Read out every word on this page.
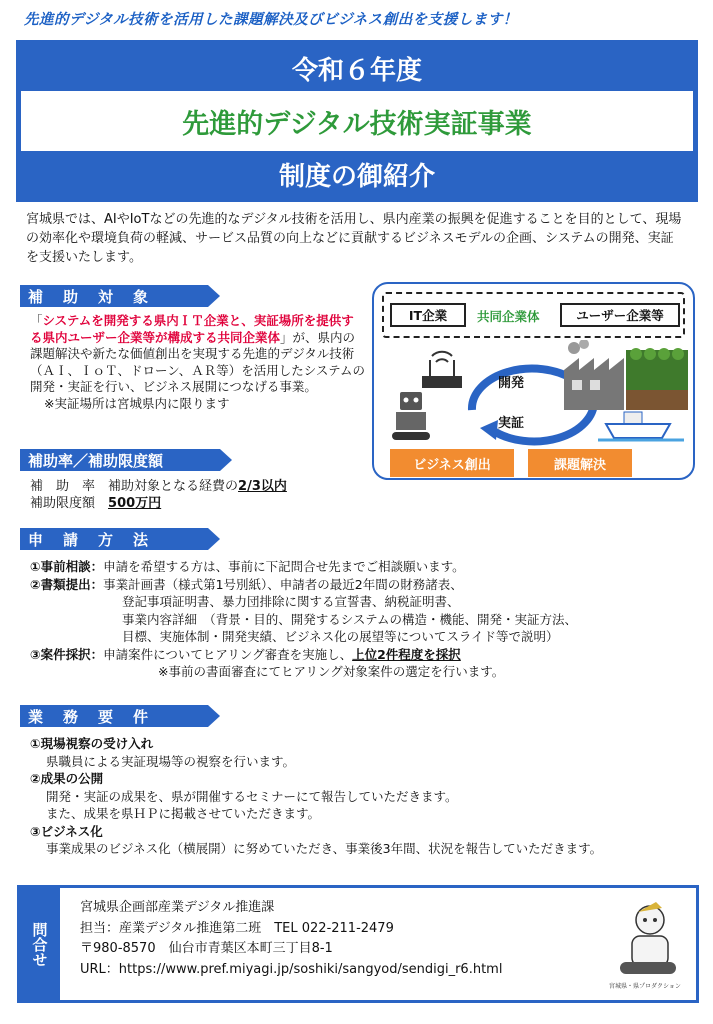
先進的デジタル技術を活用した課題解決及びビジネス創出を支援します！
令和６年度
先進的デジタル技術実証事業
制度の御紹介

宮城県では、AIやIoTなどの先進的なデジタル技術を活用し、県内産業の振興を促進することを目的として、現場の効率化や環境負荷の軽減、サービス品質の向上などに貢献するビジネスモデルの企画、システムの開発、実証を支援いたします。

補助対象
「システムを開発する県内ＩＴ企業と、実証場所を提供する県内ユーザー企業等が構成する共同企業体」が、県内の課題解決や新たな価値創出を実現する先進的デジタル技術（ＡＩ、ＩｏＴ、ドローン、ＡＲ等）を活用したシステムの開発・実証を行い、ビジネス展開につなげる事業。
※実証場所は宮城県内に限ります
IT企業	共同企業体	ユーザー企業等
開発
実証
ビジネス創出	課題解決
補助率／補助限度額
補　助　率　 補助対象となる経費の2/3以内
補助限度額　 500万円
申請方法
①事前相談： 申請を希望する方は、事前に下記問合せ先までご相談願います。
②書類提出： 事業計画書（様式第1号別紙）、申請者の最近2年間の財務諸表、
登記事項証明書、暴力団排除に関する宣誓書、納税証明書、
事業内容詳細　（背景・目的、開発するシステムの構造・機能、開発・実証方法、
目標、実施体制・開発実績、ビジネス化の展望等についてスライド等で説明）
③案件採択： 申請案件についてヒアリング審査を実施し、 上位2件程度を採択
※事前の書面審査にてヒアリング対象案件の選定を行います。
業務要件
①現場視察の受け入れ
県職員による実証現場等の視察を行います。
②成果の公開
開発・実証の成果を、県が開催するセミナーにて報告していただきます。
また、成果を県ＨＰに掲載させていただきます。
③ビジネス化
事業成果のビジネス化（横展開）に努めていただき、事業後3年間、状況を報告していただきます。
問合せ
宮城県企画部産業デジタル推進課
担当：産業デジタル推進第二班　TEL 022-211-2479
〒980-8570　仙台市青葉区本町三丁目8-1
URL：https://www.pref.miyagi.jp/soshiki/sangyod/sendigi_r6.html
宮城県・県プロダクション
